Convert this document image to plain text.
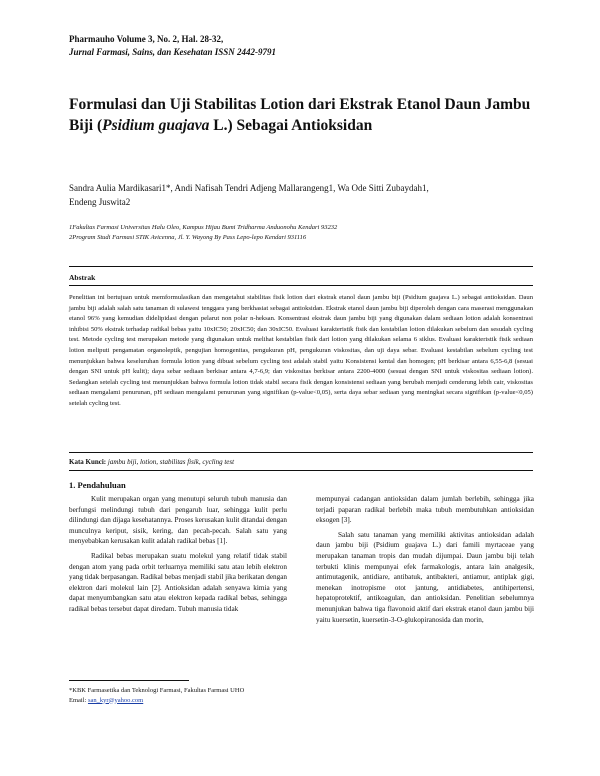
Pharmauho Volume 3, No. 2, Hal. 28-32,
Jurnal Farmasi, Sains, dan Kesehatan ISSN 2442-9791
Formulasi dan Uji Stabilitas Lotion dari Ekstrak Etanol Daun Jambu Biji (Psidium guajava L.) Sebagai Antioksidan
Sandra Aulia Mardikasari1*, Andi Nafisah Tendri Adjeng Mallarangeng1, Wa Ode Sitti Zubaydah1,
Endeng Juswita2
1Fakultas Farmasi Universitas Halu Oleo, Kampus Hijau Bumi Tridharma Anduonohu Kendari 93232
2Program Studi Farmasi STIK Avicenna, Jl. Y. Wayong By Pass Lepo-lepo Kendari 931116
Abstrak
Penelitian ini bertujuan untuk memformulasikan dan mengetahui stabilitas fisik lotion dari ekstrak etanol daun jambu biji (Psidium guajava L.) sebagai antioksidan. Daun jambu biji adalah salah satu tanaman di sulawesi tenggara yang berkhasiat sebagai antioksidan. Ekstrak etanol daun jambu biji diperoleh dengan cara maserasi menggunakan etanol 96% yang kemudian didelipidasi dengan pelarut non polar n-heksan. Konsentrasi ekstrak daun jambu biji yang digunakan dalam sediaan lotion adalah konsentrasi inhibisi 50% ekstrak terhadap radikal bebas yaitu 10xIC50; 20xIC50; dan 30xIC50. Evaluasi karakteristik fisik dan kestabilan lotion dilakukan sebelum dan sesudah cycling test. Metode cycling test merupakan metode yang digunakan untuk melihat kestabilan fisik dari lotion yang dilakukan selama 6 siklus. Evaluasi karakteristik fisik sediaan lotion meliputi pengamatan organoleptik, pengujian homogenitas, pengukuran pH, pengukuran viskositas, dan uji daya sebar. Evaluasi kestabilan sebelum cycling test menunjukkan bahwa keseluruhan formula lotion yang dibuat sebelum cycling test adalah stabil yaitu Konsistensi kental dan homogen; pH berkisar antara 6,55-6,8 (sesuai dengan SNI untuk pH kulit); daya sebar sediaan berkisar antara 4,7-6,9; dan viskositas berkisar antara 2200-4000 (sesuai dengan SNI untuk viskositas sediaan lotion). Sedangkan setelah cycling test menunjukkan bahwa formula lotion tidak stabil secara fisik dengan konsistensi sediaan yang berubah menjadi cenderung lebih cair, viskositas sediaan mengalami penurunan, pH sediaan mengalami penurunan yang signifikan (p-value<0,05), serta daya sebar sediaan yang meningkat secara signifikan (p-value<0,05) setelah cycling test.
Kata Kunci: jambu biji, lotion, stabilitas fisik, cycling test
1. Pendahuluan

Kulit merupakan organ yang menutupi seluruh tubuh manusia dan berfungsi melindungi tubuh dari pengaruh luar, sehingga kulit perlu dilindungi dan dijaga kesehatannya. Proses kerusakan kulit ditandai dengan munculnya keriput, sisik, kering, dan pecah-pecah. Salah satu yang menyebabkan kerusakan kulit adalah radikal bebas [1].

Radikal bebas merupakan suatu molekul yang relatif tidak stabil dengan atom yang pada orbit terluarnya memiliki satu atau lebih elektron yang tidak berpasangan. Radikal bebas menjadi stabil jika berikatan dengan elektron dari molekul lain [2]. Antioksidan adalah senyawa kimia yang dapat menyumbangkan satu atau elektron kepada radikal bebas, sehingga radikal bebas tersebut dapat diredam. Tubuh manusia tidak

mempunyai cadangan antioksidan dalam jumlah berlebih, sehingga jika terjadi paparan radikal berlebih maka tubuh membutuhkan antioksidan eksogen [3].

Salah satu tanaman yang memiliki aktivitas antioksidan adalah daun jambu biji (Psidium guajava L.) dari famili myrtaceae yang merupakan tanaman tropis dan mudah dijumpai. Daun jambu biji telah terbukti klinis mempunyai efek farmakologis, antara lain analgesik, antimutagenik, antidiare, antibatuk, antibakteri, antiamur, antiplak gigi, menekan inotropisme otot jantung, antidiabetes, antihipertensi, hepatoprotektif, antikoagulan, dan antioksidan. Penelitian sebelumnya menunjukan bahwa tiga flavonoid aktif dari ekstrak etanol daun jambu biji yaitu kuersetin, kuersetin-3-O-glukopiranosida dan morin,

*KBK Farmasetika dan Teknologi Farmasi, Fakultas Farmasi UHO
Email: san_kyr@yahoo.com
